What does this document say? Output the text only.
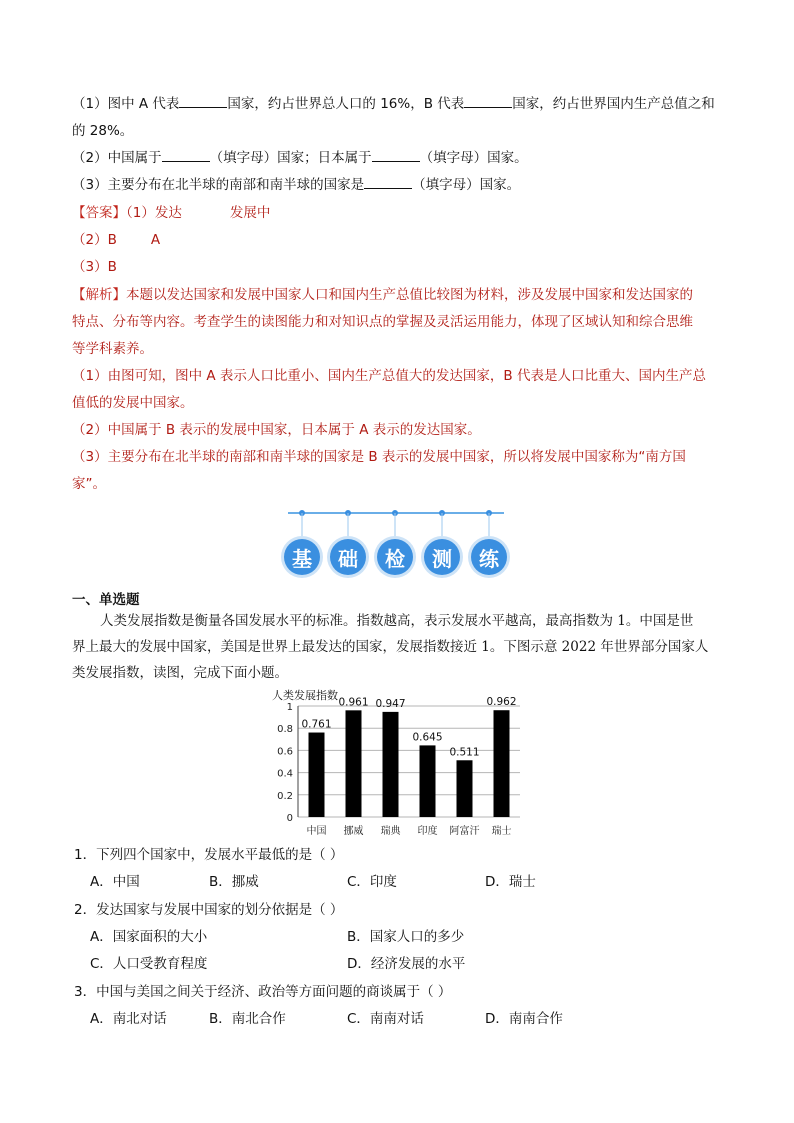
（1）图中 A 代表	国家，约占世界总人口的 16%，B 代表	国家，约占世界国内生产总值之和
的 28%。
（2）中国属于	（填字母）国家；日本属于	（填字母）国家。
（3）主要分布在北半球的南部和南半球的国家是	（填字母）国家。
【答案】（1）发达	发展中
（2）B	A
（3）B
【解析】本题以发达国家和发展中国家人口和国内生产总值比较图为材料，涉及发展中国家和发达国家的
特点、分布等内容。考查学生的读图能力和对知识点的掌握及灵活运用能力，体现了区域认知和综合思维
等学科素养。
（1）由图可知，图中 A 表示人口比重小、国内生产总值大的发达国家，B 代表是人口比重大、国内生产总
值低的发展中国家。
（2）中国属于 B 表示的发展中国家，日本属于 A 表示的发达国家。
（3）主要分布在北半球的南部和南半球的国家是 B 表示的发展中国家，所以将发展中国家称为“南方国
家”。
基	础	检	测	练
一、单选题
人类发展指数是衡量各国发展水平的标准。指数越高，表示发展水平越高，最高指数为 1。中国是世
界上最大的发展中国家，美国是世界上最发达的国家，发展指数接近 1。下图示意 2022 年世界部分国家人
类发展指数，读图，完成下面小题。
人类发展指数
0
0.2
0.4
0.6
0.8
1
0.761
中国
0.961
挪威
0.947
瑞典
0.645
印度
0.511
阿富汗
0.962
瑞士
1．下列四个国家中，发展水平最低的是（ ）
A．中国	B．挪威	C．印度	D．瑞士
2．发达国家与发展中国家的划分依据是（ ）
A．国家面积的大小	B．国家人口的多少
C．人口受教育程度	D．经济发展的水平
3．中国与美国之间关于经济、政治等方面问题的商谈属于（ ）
A．南北对话	B．南北合作	C．南南对话	D．南南合作
